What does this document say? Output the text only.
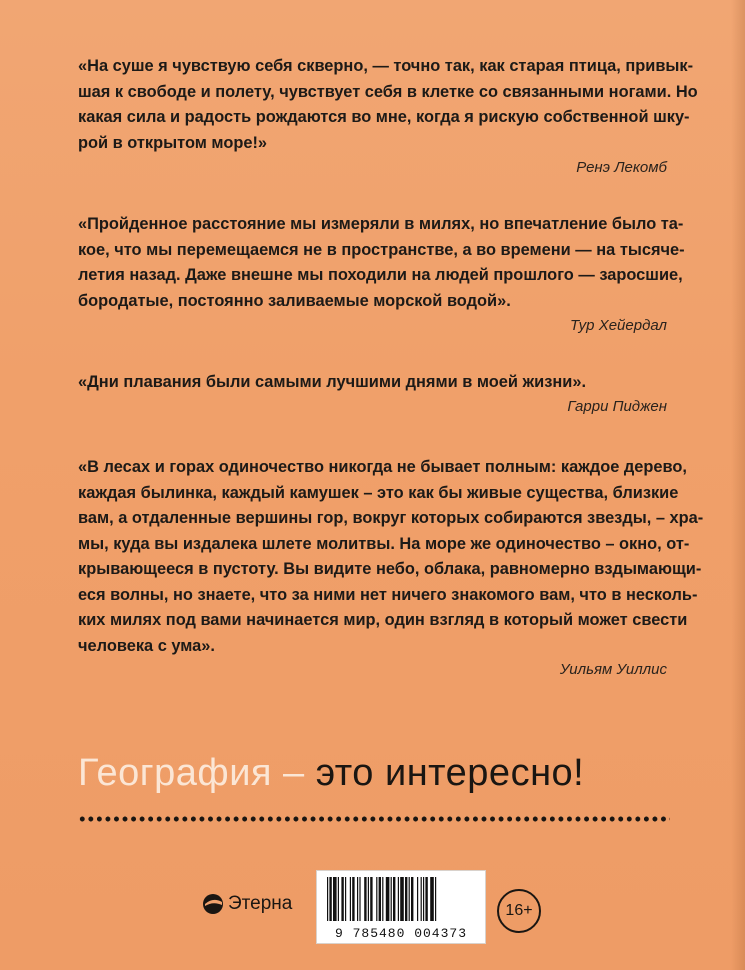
«На суше я чувствую себя скверно, — точно так, как старая птица, привык-
шая к свободе и полету, чувствует себя в клетке со связанными ногами. Но
какая сила и радость рождаются во мне, когда я рискую собственной шку-
рой в открытом море!»
Ренэ Лекомб
«Пройденное расстояние мы измеряли в милях, но впечатление было та-
кое, что мы перемещаемся не в пространстве, а во времени — на тысяче-
летия назад. Даже внешне мы походили на людей прошлого — заросшие,
бородатые, постоянно заливаемые морской водой».
Тур Хейердал
«Дни плавания были самыми лучшими днями в моей жизни».
Гарри Пиджен
«В лесах и горах одиночество никогда не бывает полным: каждое дерево,
каждая былинка, каждый камушек – это как бы живые существа, близкие
вам, а отдаленные вершины гор, вокруг которых собираются звезды, – хра-
мы, куда вы издалека шлете молитвы. На море же одиночество – окно, от-
крывающееся в пустоту. Вы видите небо, облака, равномерно вздымающи-
еся волны, но знаете, что за ними нет ничего знакомого вам, что в несколь-
ких милях под вами начинается мир, один взгляд в который может свести
человека с ума».
Уильям Уиллис
География – это интересно!
Этерна
9 785480 004373
16+
